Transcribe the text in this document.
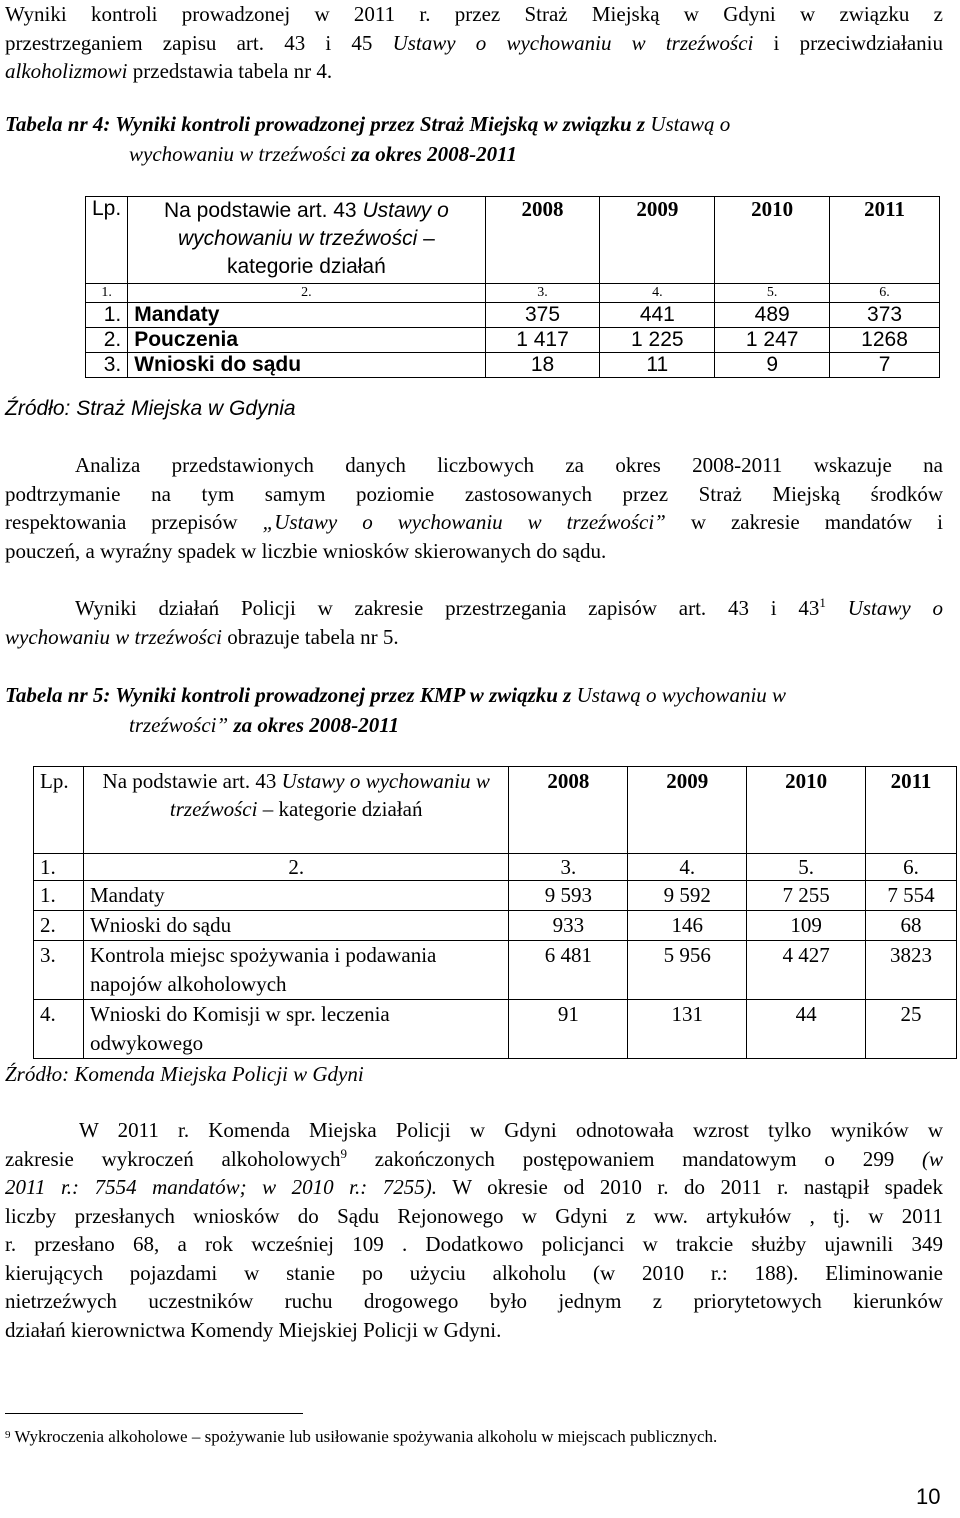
Wyniki kontroli prowadzonej w 2011 r. przez Straż Miejską w Gdyni w związku z
przestrzeganiem zapisu art. 43 i 45 Ustawy o wychowaniu w trzeźwości i przeciwdziałaniu
alkoholizmowi przedstawia tabela nr 4.
Tabela nr 4: Wyniki kontroli prowadzonej przez Straż Miejską w związku z Ustawą o
wychowaniu w trzeźwości za okres 2008-2011
Lp.	Na podstawie art. 43 Ustawy o wychowaniu w trzeźwości –
kategorie działań	2008	2009	2010	2011
1.	2.	3.	4.	5.	6.
1.	Mandaty	375	441	489	373
2.	Pouczenia	1 417	1 225	1 247	1268
3.	Wnioski do sądu	18	11	9	7
Źródło: Straż Miejska w Gdynia
Analiza przedstawionych danych liczbowych za okres 2008-2011 wskazuje na
podtrzymanie na tym samym poziomie zastosowanych przez Straż Miejską środków
respektowania przepisów „Ustawy o wychowaniu w trzeźwości” w zakresie mandatów i
pouczeń, a wyraźny spadek w liczbie wniosków skierowanych do sądu.
Wyniki działań Policji w zakresie przestrzegania zapisów art. 43 i 43$^1$ Ustawy o
wychowaniu w trzeźwości obrazuje tabela nr 5.
Tabela nr 5: Wyniki kontroli prowadzonej przez KMP w związku z Ustawą o wychowaniu w
trzeźwości” za okres 2008-2011
Lp.	Na podstawie art. 43 Ustawy o wychowaniu w trzeźwości – kategorie działań	2008	2009	2010	2011
1.	2.	3.	4.	5.	6.
1.	Mandaty	9 593	9 592	7 255	7 554
2.	Wnioski do sądu	933	146	109	68
3.	Kontrola miejsc spożywania i podawania napojów alkoholowych	6 481	5 956	4 427	3823
4.	Wnioski do Komisji w spr. leczenia odwykowego	91	131	44	25
Źródło: Komenda Miejska Policji w Gdyni
W 2011 r. Komenda Miejska Policji w Gdyni odnotowała wzrost tylko wyników w
zakresie wykroczeń alkoholowych$^9$ zakończonych postępowaniem mandatowym o 299 (w
2011 r.: 7554 mandatów; w 2010 r.: 7255). W okresie od 2010 r. do 2011 r. nastąpił spadek
liczby przesłanych wniosków do Sądu Rejonowego w Gdyni z ww. artykułów , tj. w 2011
r. przesłano 68, a rok wcześniej 109 . Dodatkowo policjanci w trakcie służby ujawnili 349
kierujących pojazdami w stanie po użyciu alkoholu (w 2010 r.: 188). Eliminowanie
nietrzeźwych uczestników ruchu drogowego było jednym z priorytetowych kierunków
działań kierownictwa Komendy Miejskiej Policji w Gdyni.
$^9$ Wykroczenia alkoholowe – spożywanie lub usiłowanie spożywania alkoholu w miejscach publicznych.
10
